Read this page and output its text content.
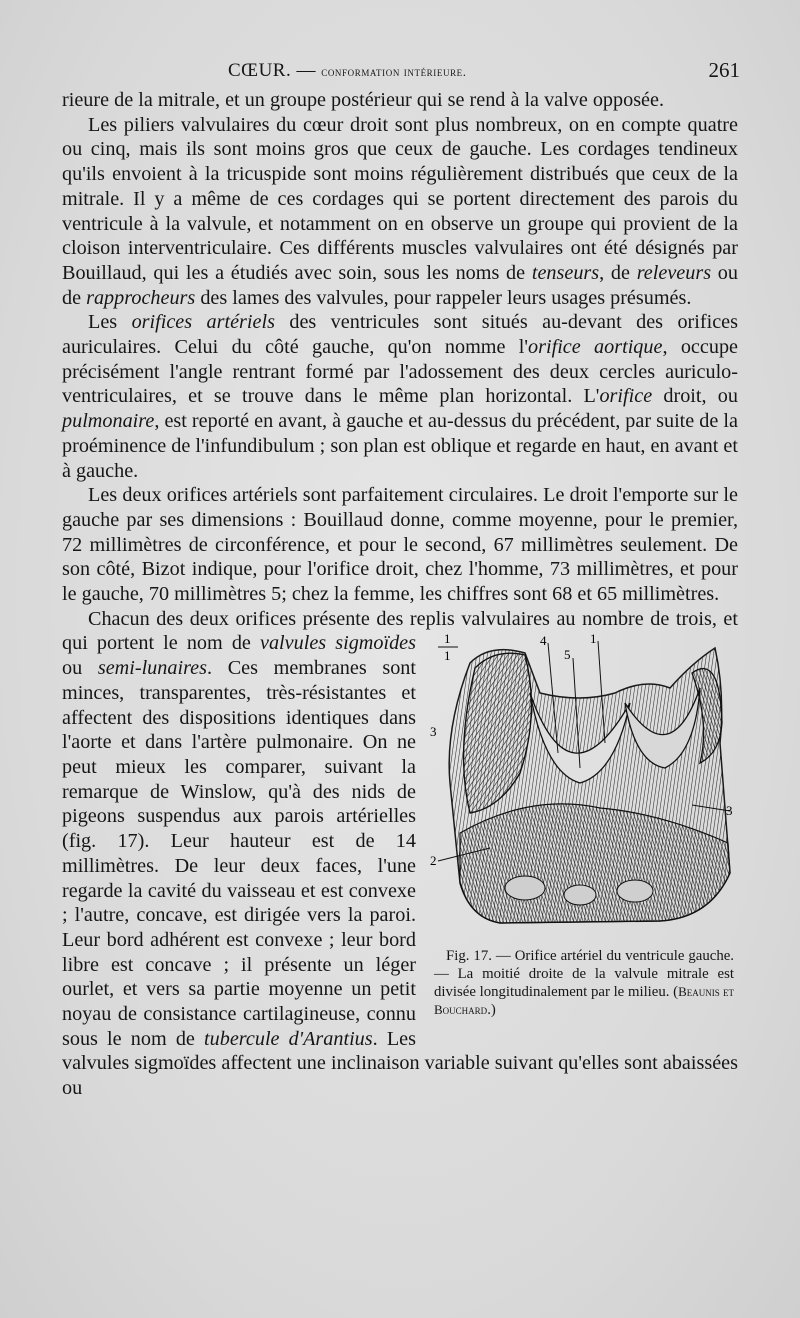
CŒUR. — conformation intérieure.	261

rieure de la mitrale, et un groupe postérieur qui se rend à la valve opposée.

Les piliers valvulaires du cœur droit sont plus nombreux, on en compte quatre ou cinq, mais ils sont moins gros que ceux de gauche. Les cordages tendineux qu'ils envoient à la tricuspide sont moins régulièrement distribués que ceux de la mitrale. Il y a même de ces cordages qui se portent directement des parois du ventricule à la valvule, et notamment on en observe un groupe qui provient de la cloison interventriculaire. Ces différents muscles valvulaires ont été désignés par Bouillaud, qui les a étudiés avec soin, sous les noms de tenseurs, de releveurs ou de rapprocheurs des lames des valvules, pour rappeler leurs usages présumés.

Les orifices artériels des ventricules sont situés au-devant des orifices auriculaires. Celui du côté gauche, qu'on nomme l'orifice aortique, occupe précisément l'angle rentrant formé par l'adossement des deux cercles auriculo-ventriculaires, et se trouve dans le même plan horizontal. L'orifice droit, ou pulmonaire, est reporté en avant, à gauche et au-dessus du précédent, par suite de la proéminence de l'infundibulum ; son plan est oblique et regarde en haut, en avant et à gauche.

Les deux orifices artériels sont parfaitement circulaires. Le droit l'emporte sur le gauche par ses dimensions : Bouillaud donne, comme moyenne, pour le premier, 72 millimètres de circonférence, et pour le second, 67 millimètres seulement. De son côté, Bizot indique, pour l'orifice droit, chez l'homme, 73 millimètres, et pour le gauche, 70 millimètres 5; chez la femme, les chiffres sont 68 et 65 millimètres.

Chacun des deux orifices présente des replis valvulaires au nombre de trois, et qui portent le nom de	1
1
4
5
1
3
3
2
Fig. 17. — Orifice artériel du ventricule gauche. — La moitié droite de la valvule mitrale est divisée longitudinalement par le milieu. (Beaunis et Bouchard.)
valvules sigmoïdes ou semi-lunaires. Ces membranes sont minces, transparentes, très-résistantes et affectent des dispositions identiques dans l'aorte et dans l'artère pulmonaire. On ne peut mieux les comparer, suivant la remarque de Winslow, qu'à des nids de pigeons suspendus aux parois artérielles (fig. 17). Leur hauteur est de 14 millimètres. De leur deux faces, l'une regarde la cavité du vaisseau et est convexe ; l'autre, concave, est dirigée vers la paroi. Leur bord adhérent est convexe ; leur bord libre est concave ; il présente un léger ourlet, et vers sa partie moyenne un petit noyau de consistance cartilagineuse, connu sous le nom de tubercule d'Arantius. Les valvules sigmoïdes affectent une inclinaison variable suivant qu'elles sont abaissées ou
